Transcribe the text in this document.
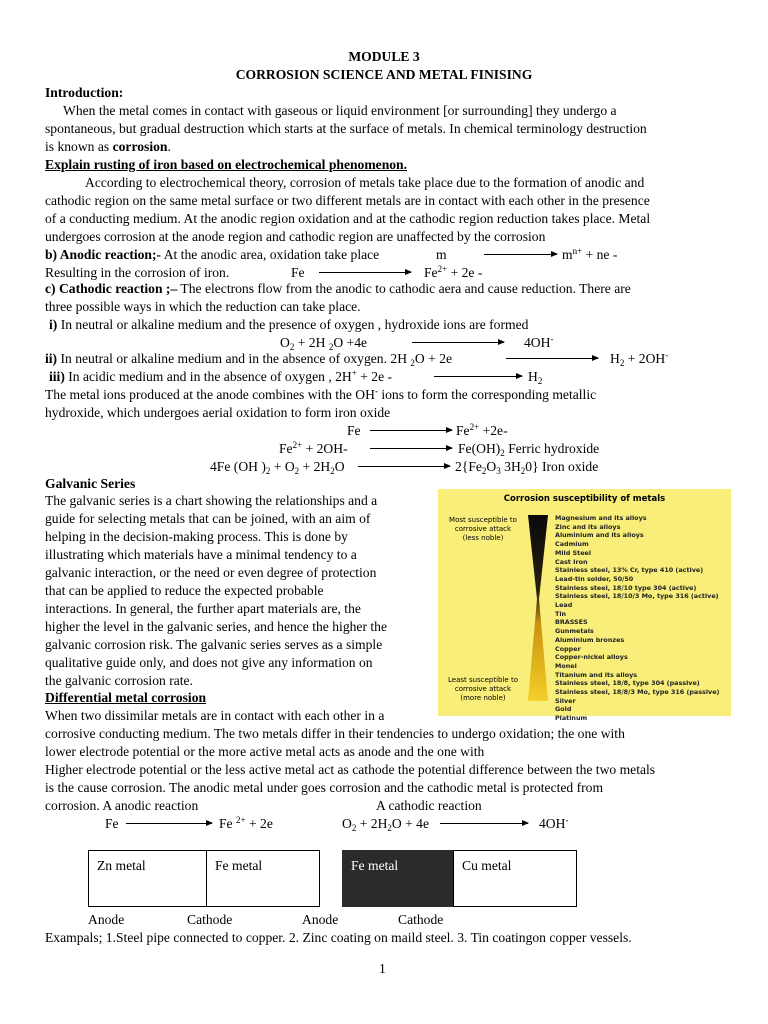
MODULE 3
CORROSION SCIENCE AND METAL FINISING
Introduction:
When the metal comes in contact with gaseous or liquid environment [or surrounding] they undergo a
spontaneous, but gradual destruction which starts at the surface of metals. In chemical terminology destruction
is known as corrosion.
Explain rusting of iron based on electrochemical phenomenon.
According to electrochemical theory, corrosion of metals take place due to the formation of anodic and
cathodic region on the same metal surface or two different metals are in contact with each other in the presence
of a conducting medium. At the anodic region oxidation and at the cathodic region reduction takes place. Metal
undergoes corrosion at the anode region and cathodic region are unaffected by the corrosion
b) Anodic reaction;- At the anodic area, oxidation take place	m	$m^{n+}$ + ne -
Resulting in the corrosion of iron.	Fe	$Fe^{2+} + 2e$ -
c) Cathodic reaction ;– The electrons flow from the anodic to cathodic aera and cause reduction. There are
three possible ways in which the reduction can take place.
i) In neutral or alkaline medium and the presence of oxygen , hydroxide ions are formed
O2 + 2H 2O +4e	4OH-
ii) In neutral or alkaline medium and in the absence of oxygen. 2H 2O + 2e	H2 + 2OH-
iii) In acidic medium and in the absence of oxygen , 2H+ + 2e -	H2
The metal ions produced at the anode combines with the OH- ions to form the corresponding metallic
hydroxide, which undergoes aerial oxidation to form iron oxide
Fe	$Fe^{2+} +2e-$
$Fe^{2+} + 2OH-$	Fe(OH)2 Ferric hydroxide
4Fe (OH )2 + O2 + 2H2O	2{Fe2O3 3H20} Iron oxide
Galvanic Series
The galvanic series is a chart showing the relationships and a
guide for selecting metals that can be joined, with an aim of
helping in the decision-making process. This is done by
illustrating which materials have a minimal tendency to a
galvanic interaction, or the need or even degree of protection
that can be applied to reduce the expected probable
interactions. In general, the further apart materials are, the
higher the level in the galvanic series, and hence the higher the
galvanic corrosion risk. The galvanic series serves as a simple
qualitative guide only, and does not give any information on
the galvanic corrosion rate.
Corrosion susceptibility of metals
Most susceptible to corrosive attack (less noble)
Least susceptible to corrosive attack (more noble)
Magnesium and its alloys
Zinc and its alloys
Aluminium and its alloys
Cadmium
Mild Steel
Cast Iron
Stainless steel, 13% Cr, type 410 (active)
Lead-tin solder, 50/50
Stainless steel, 18/10 type 304 (active)
Stainless steel, 18/10/3 Mo, type 316 (active)
Lead
Tin
BRASSES
Gunmetals
Aluminium bronzes
Copper
Copper-nickel alloys
Monel
Titanium and its alloys
Stainless steel, 18/8, type 304 (passive)
Stainless steel, 18/8/3 Mo, type 316 (passive)
Silver
Gold
Platinum
Differential metal corrosion
When two dissimilar metals are in contact with each other in a
corrosive conducting medium. The two metals differ in their tendencies to undergo oxidation; the one with
lower electrode potential or the more active metal acts as anode and the one with
Higher electrode potential or the less active metal act as cathode the potential difference between the two metals
is the cause corrosion. The anodic metal under goes corrosion and the cathodic metal is protected from
corrosion. A anodic reaction	A cathodic reaction
Fe	Fe $^{2+}$ + 2e	O2 + 2H2O + 4e	4OH-
Zn metal	Fe metal	Fe metal	Cu metal
Anode	Cathode	Anode	Cathode
Exampals; 1.Steel pipe connected to copper. 2. Zinc coating on maild steel. 3. Tin coatingon copper vessels.
1
